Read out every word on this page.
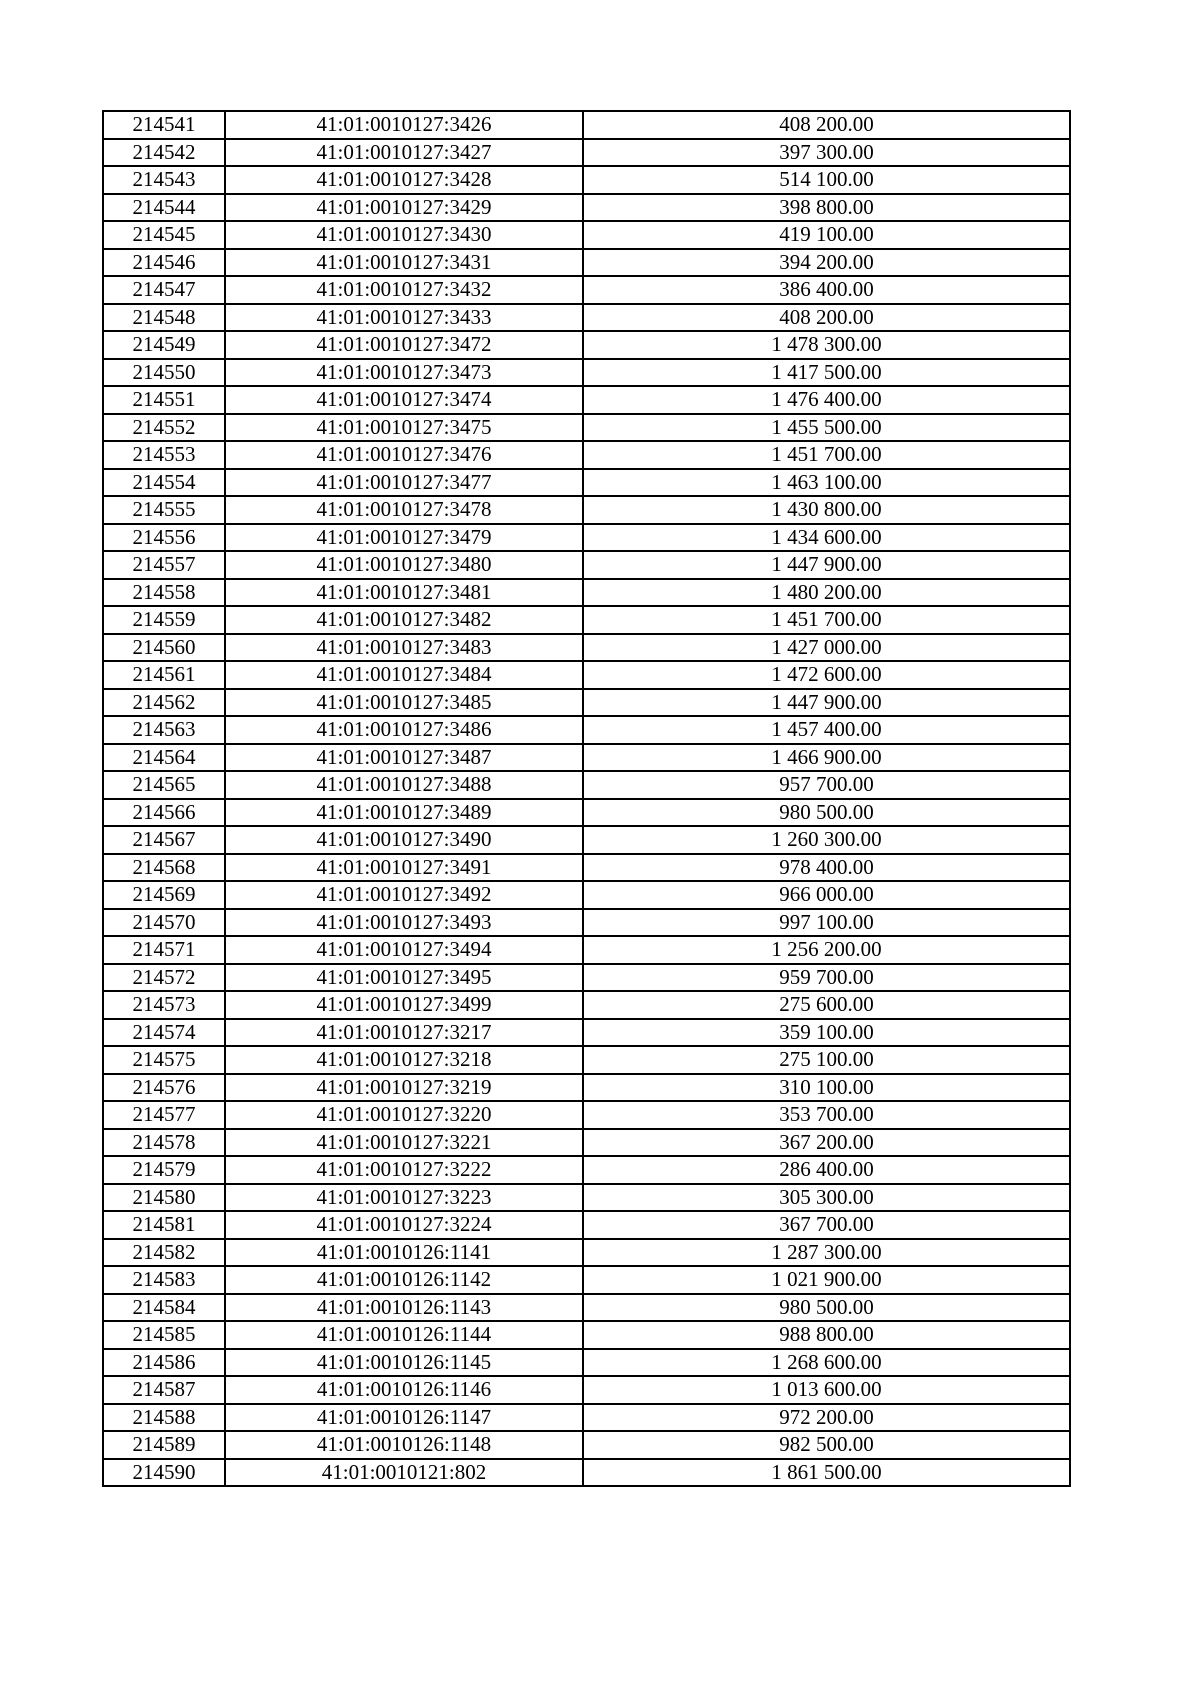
214541	41:01:0010127:3426	408 200.00
214542	41:01:0010127:3427	397 300.00
214543	41:01:0010127:3428	514 100.00
214544	41:01:0010127:3429	398 800.00
214545	41:01:0010127:3430	419 100.00
214546	41:01:0010127:3431	394 200.00
214547	41:01:0010127:3432	386 400.00
214548	41:01:0010127:3433	408 200.00
214549	41:01:0010127:3472	1 478 300.00
214550	41:01:0010127:3473	1 417 500.00
214551	41:01:0010127:3474	1 476 400.00
214552	41:01:0010127:3475	1 455 500.00
214553	41:01:0010127:3476	1 451 700.00
214554	41:01:0010127:3477	1 463 100.00
214555	41:01:0010127:3478	1 430 800.00
214556	41:01:0010127:3479	1 434 600.00
214557	41:01:0010127:3480	1 447 900.00
214558	41:01:0010127:3481	1 480 200.00
214559	41:01:0010127:3482	1 451 700.00
214560	41:01:0010127:3483	1 427 000.00
214561	41:01:0010127:3484	1 472 600.00
214562	41:01:0010127:3485	1 447 900.00
214563	41:01:0010127:3486	1 457 400.00
214564	41:01:0010127:3487	1 466 900.00
214565	41:01:0010127:3488	957 700.00
214566	41:01:0010127:3489	980 500.00
214567	41:01:0010127:3490	1 260 300.00
214568	41:01:0010127:3491	978 400.00
214569	41:01:0010127:3492	966 000.00
214570	41:01:0010127:3493	997 100.00
214571	41:01:0010127:3494	1 256 200.00
214572	41:01:0010127:3495	959 700.00
214573	41:01:0010127:3499	275 600.00
214574	41:01:0010127:3217	359 100.00
214575	41:01:0010127:3218	275 100.00
214576	41:01:0010127:3219	310 100.00
214577	41:01:0010127:3220	353 700.00
214578	41:01:0010127:3221	367 200.00
214579	41:01:0010127:3222	286 400.00
214580	41:01:0010127:3223	305 300.00
214581	41:01:0010127:3224	367 700.00
214582	41:01:0010126:1141	1 287 300.00
214583	41:01:0010126:1142	1 021 900.00
214584	41:01:0010126:1143	980 500.00
214585	41:01:0010126:1144	988 800.00
214586	41:01:0010126:1145	1 268 600.00
214587	41:01:0010126:1146	1 013 600.00
214588	41:01:0010126:1147	972 200.00
214589	41:01:0010126:1148	982 500.00
214590	41:01:0010121:802	1 861 500.00
